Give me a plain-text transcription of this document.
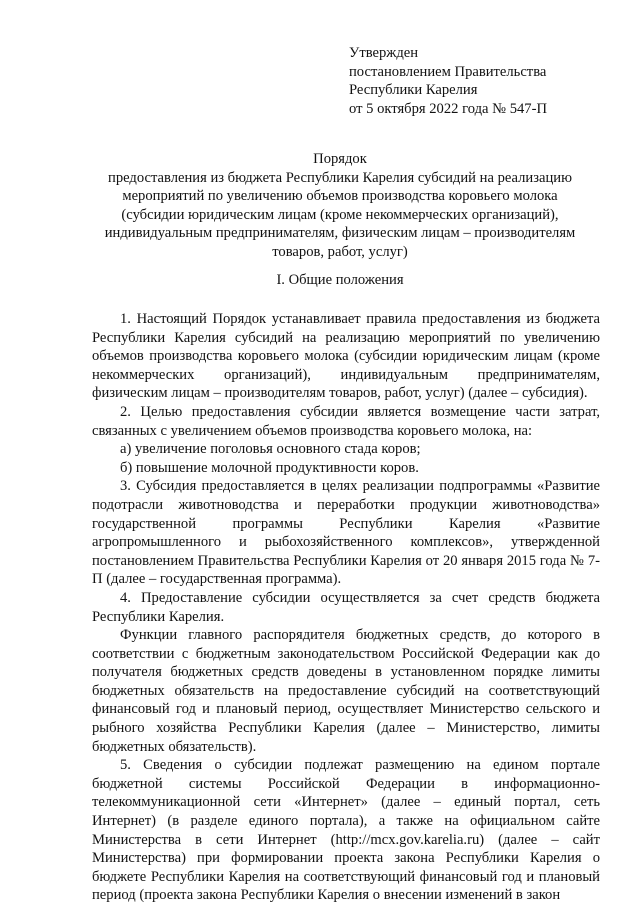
Утвержден
постановлением Правительства
Республики Карелия
от 5 октября 2022 года № 547-П
Порядок
предоставления из бюджета Республики Карелия субсидий на реализацию
мероприятий по увеличению объемов производства коровьего молока
(субсидии юридическим лицам (кроме некоммерческих организаций),
индивидуальным предпринимателям, физическим лицам – производителям
товаров, работ, услуг)
I. Общие положения

1. Настоящий Порядок устанавливает правила предоставления из бюджета Республики Карелия субсидий на реализацию мероприятий по увеличению объемов производства коровьего молока (субсидии юридическим лицам (кроме некоммерческих организаций), индивидуальным предпринимателям, физическим лицам – производителям товаров, работ, услуг) (далее – субсидия).

2. Целью предоставления субсидии является возмещение части затрат, связанных с увеличением объемов производства коровьего молока, на:

а) увеличение поголовья основного стада коров;

б) повышение молочной продуктивности коров.

3. Субсидия предоставляется в целях реализации подпрограммы «Развитие подотрасли животноводства и переработки продукции животноводства» государственной программы Республики Карелия «Развитие агропромышленного и рыбохозяйственного комплексов», утвержденной постановлением Правительства Республики Карелия от 20 января 2015 года № 7-П (далее – государственная программа).

4. Предоставление субсидии осуществляется за счет средств бюджета Республики Карелия.

Функции главного распорядителя бюджетных средств, до которого в соответствии с бюджетным законодательством Российской Федерации как до получателя бюджетных средств доведены в установленном порядке лимиты бюджетных обязательств на предоставление субсидий на соответствующий финансовый год и плановый период, осуществляет Министерство сельского и рыбного хозяйства Республики Карелия (далее – Министерство, лимиты бюджетных обязательств).

5. Сведения о субсидии подлежат размещению на едином портале бюджетной системы Российской Федерации в информационно-телекоммуникационной сети «Интернет» (далее – единый портал, сеть Интернет) (в разделе единого портала), а также на официальном сайте Министерства в сети Интернет (http://mcx.gov.karelia.ru) (далее – сайт Министерства) при формировании проекта закона Республики Карелия о бюджете Республики Карелия на соответствующий финансовый год и плановый период (проекта закона Республики Карелия о внесении изменений в закон
